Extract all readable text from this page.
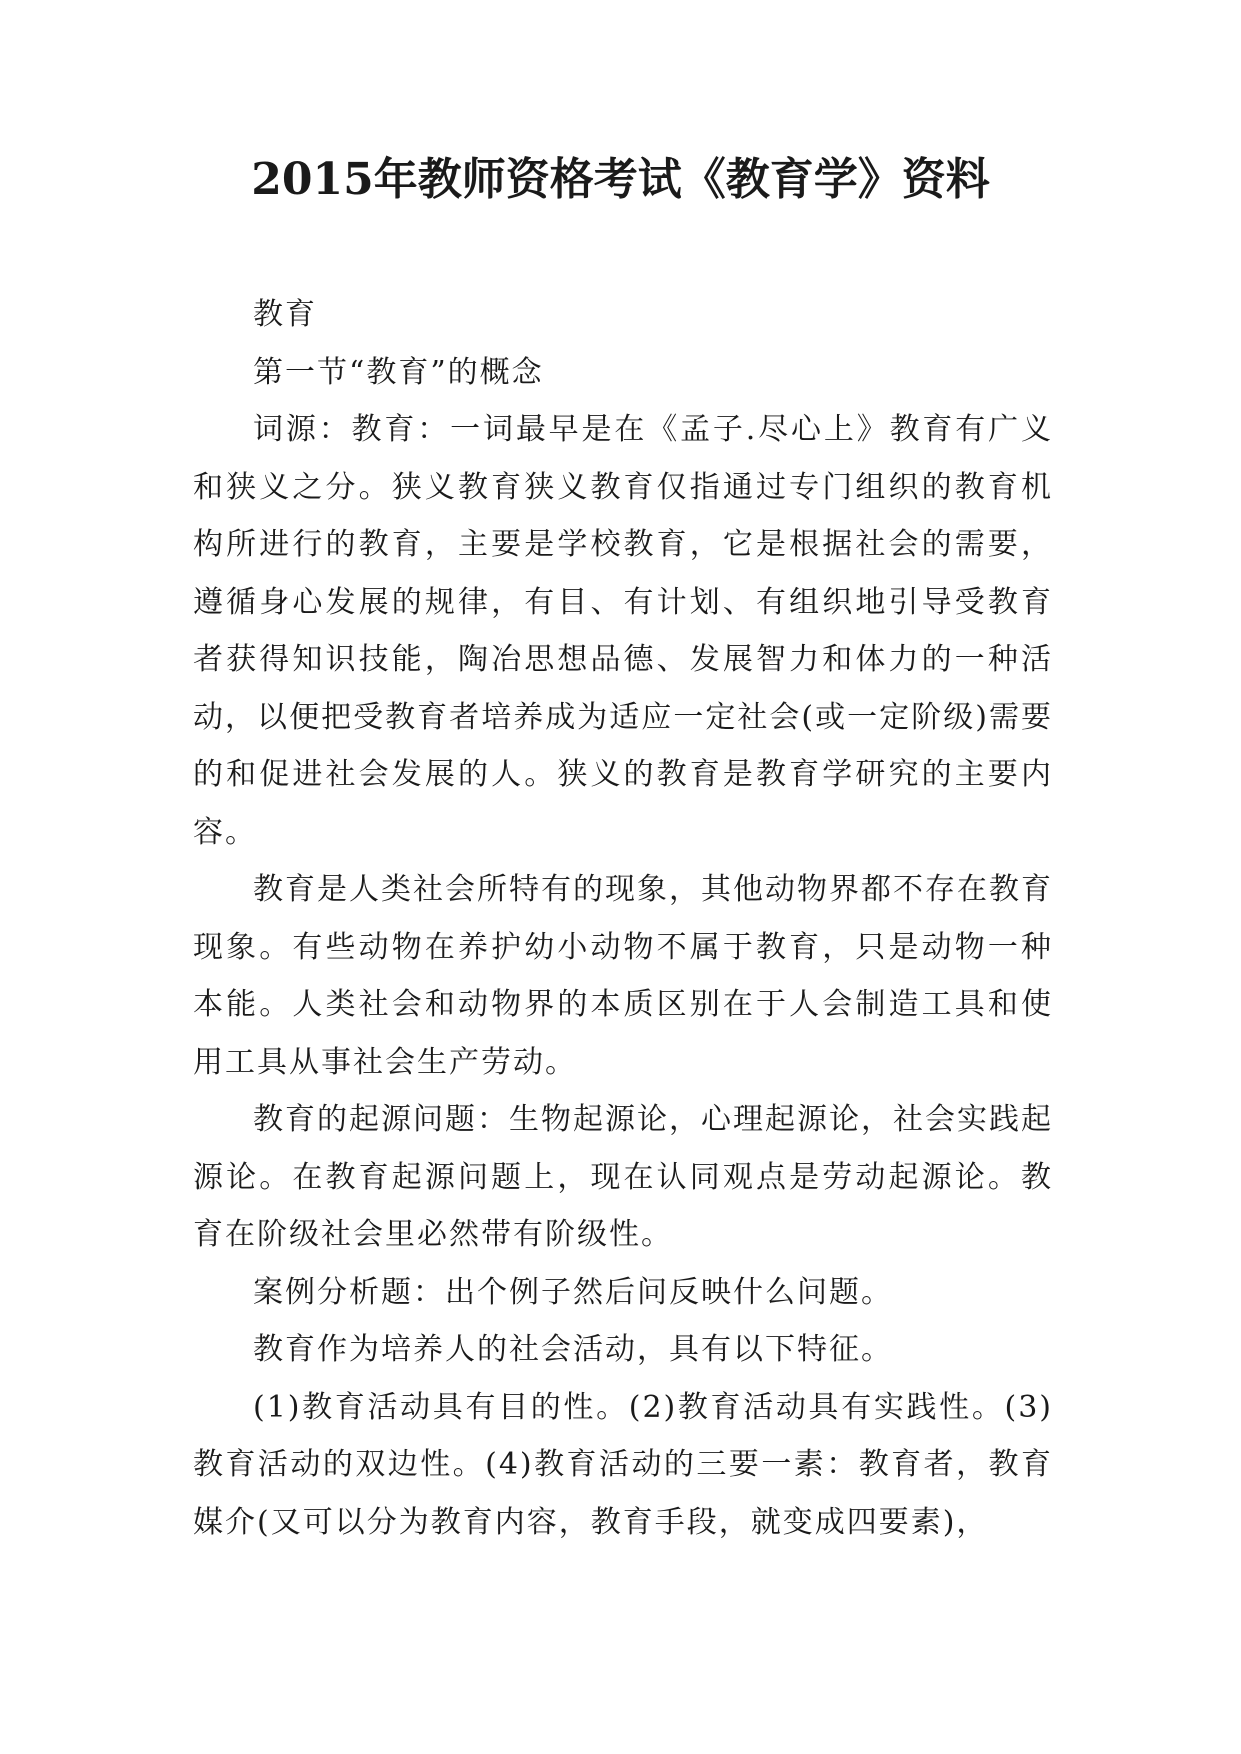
2015年教师资格考试《教育学》资料

教育

第一节“教育”的概念

词源：教育：一词最早是在《孟子.尽心上》教育有广义和狭义之分。狭义教育狭义教育仅指通过专门组织的教育机构所进行的教育，主要是学校教育，它是根据社会的需要，遵循身心发展的规律，有目、有计划、有组织地引导受教育者获得知识技能，陶冶思想品德、发展智力和体力的一种活动，以便把受教育者培养成为适应一定社会(或一定阶级)需要的和促进社会发展的人。狭义的教育是教育学研究的主要内容。

教育是人类社会所特有的现象，其他动物界都不存在教育现象。有些动物在养护幼小动物不属于教育，只是动物一种本能。人类社会和动物界的本质区别在于人会制造工具和使用工具从事社会生产劳动。

教育的起源问题：生物起源论，心理起源论，社会实践起源论。在教育起源问题上，现在认同观点是劳动起源论。教育在阶级社会里必然带有阶级性。

案例分析题：出个例子然后问反映什么问题。

教育作为培养人的社会活动，具有以下特征。

(1)教育活动具有目的性。(2)教育活动具有实践性。(3)教育活动的双边性。(4)教育活动的三要一素：教育者，教育媒介(又可以分为教育内容，教育手段，就变成四要素)，
